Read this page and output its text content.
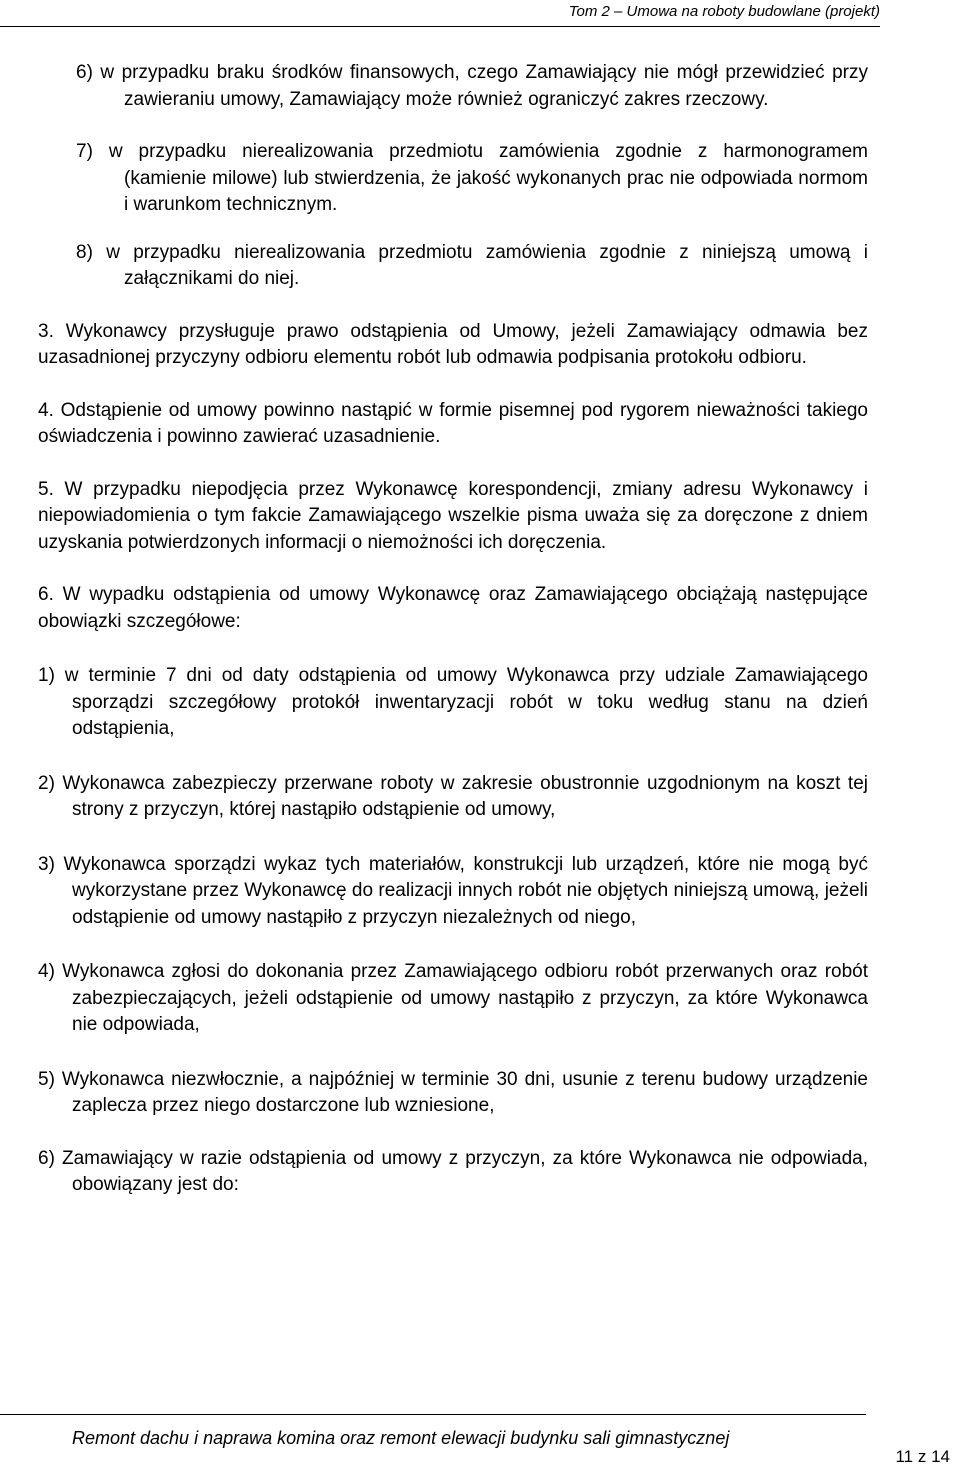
Tom 2 – Umowa na roboty budowlane (projekt)

6) w przypadku braku środków finansowych, czego Zamawiający nie mógł przewidzieć przy zawieraniu umowy, Zamawiający może również ograniczyć zakres rzeczowy.

7) w przypadku nierealizowania przedmiotu zamówienia zgodnie z harmonogramem (kamienie milowe) lub stwierdzenia, że jakość wykonanych prac nie odpowiada normom i warunkom technicznym.

8) w przypadku nierealizowania przedmiotu zamówienia zgodnie z niniejszą umową i załącznikami do niej.

3. Wykonawcy przysługuje prawo odstąpienia od Umowy, jeżeli Zamawiający odmawia bez uzasadnionej przyczyny odbioru elementu robót lub odmawia podpisania protokołu odbioru.

4. Odstąpienie od umowy powinno nastąpić w formie pisemnej pod rygorem nieważności takiego oświadczenia i powinno zawierać uzasadnienie.

5. W przypadku niepodjęcia przez Wykonawcę korespondencji, zmiany adresu Wykonawcy i niepowiadomienia o tym fakcie Zamawiającego wszelkie pisma uważa się za doręczone z dniem uzyskania potwierdzonych informacji o niemożności ich doręczenia.

6. W wypadku odstąpienia od umowy Wykonawcę oraz Zamawiającego obciążają następujące obowiązki szczegółowe:

1) w terminie 7 dni od daty odstąpienia od umowy Wykonawca przy udziale Zamawiającego sporządzi szczegółowy protokół inwentaryzacji robót w toku według stanu na dzień odstąpienia,

2) Wykonawca zabezpieczy przerwane roboty w zakresie obustronnie uzgodnionym na koszt tej strony z przyczyn, której nastąpiło odstąpienie od umowy,

3) Wykonawca sporządzi wykaz tych materiałów, konstrukcji lub urządzeń, które nie mogą być wykorzystane przez Wykonawcę do realizacji innych robót nie objętych niniejszą umową, jeżeli odstąpienie od umowy nastąpiło z przyczyn niezależnych od niego,

4) Wykonawca zgłosi do dokonania przez Zamawiającego odbioru robót przerwanych oraz robót zabezpieczających, jeżeli odstąpienie od umowy nastąpiło z przyczyn, za które Wykonawca nie odpowiada,

5) Wykonawca niezwłocznie, a najpóźniej w terminie 30 dni, usunie z terenu budowy urządzenie zaplecza przez niego dostarczone lub wzniesione,

6) Zamawiający w razie odstąpienia od umowy z przyczyn, za które Wykonawca nie odpowiada, obowiązany jest do:

Remont dachu i naprawa komina oraz remont elewacji budynku sali gimnastycznej
11 z 14
